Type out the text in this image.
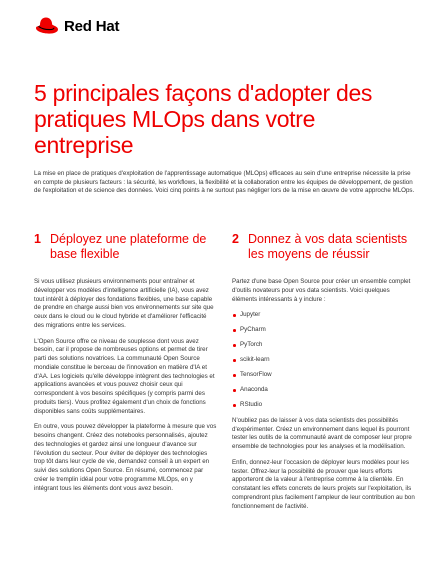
Red Hat
5 principales façons d'adopter des pratiques MLOps dans votre entreprise

La mise en place de pratiques d'exploitation de l'apprentissage automatique (MLOps) efficaces au sein d'une entreprise nécessite la prise en compte de plusieurs facteurs : la sécurité, les workflows, la flexibilité et la collaboration entre les équipes de développement, de gestion de l'exploitation et de science des données. Voici cinq points à ne surtout pas négliger lors de la mise en œuvre de votre approche MLOps.

1 Déployez une plateforme de base flexible

Si vous utilisez plusieurs environnements pour entraîner et développer vos modèles d'intelligence artificielle (IA), vous avez tout intérêt à déployer des fondations flexibles, une base capable de prendre en charge aussi bien vos environnements sur site que ceux dans le cloud ou le cloud hybride et d'améliorer l'efficacité des migrations entre les services.

L'Open Source offre ce niveau de souplesse dont vous avez besoin, car il propose de nombreuses options et permet de tirer parti des solutions novatrices. La communauté Open Source mondiale constitue le berceau de l'innovation en matière d'IA et d'AA. Les logiciels qu'elle développe intègrent des technologies et applications avancées et vous pouvez choisir ceux qui correspondent à vos besoins spécifiques (y compris parmi des produits tiers). Vous profitez également d'un choix de fonctions disponibles sans coûts supplémentaires.

En outre, vous pouvez développer la plateforme à mesure que vos besoins changent. Créez des notebooks personnalisés, ajoutez des technologies et gardez ainsi une longueur d'avance sur l'évolution du secteur. Pour éviter de déployer des technologies trop tôt dans leur cycle de vie, demandez conseil à un expert en suivi des solutions Open Source. En résumé, commencez par créer le tremplin idéal pour votre programme MLOps, en y intégrant tous les éléments dont vous avez besoin.

2 Donnez à vos data scientists les moyens de réussir

Partez d'une base Open Source pour créer un ensemble complet d'outils novateurs pour vos data scientists. Voici quelques éléments intéressants à y inclure :

Jupyter
PyCharm
PyTorch
scikit-learn
TensorFlow
Anaconda
RStudio

N'oubliez pas de laisser à vos data scientists des possibilités d'expérimenter. Créez un environnement dans lequel ils pourront tester les outils de la communauté avant de composer leur propre ensemble de technologies pour les analyses et la modélisation.

Enfin, donnez-leur l'occasion de déployer leurs modèles pour les tester. Offrez-leur la possibilité de prouver que leurs efforts apporteront de la valeur à l'entreprise comme à la clientèle. En constatant les effets concrets de leurs projets sur l'exploitation, ils comprendront plus facilement l'ampleur de leur contribution au bon fonctionnement de l'activité.
